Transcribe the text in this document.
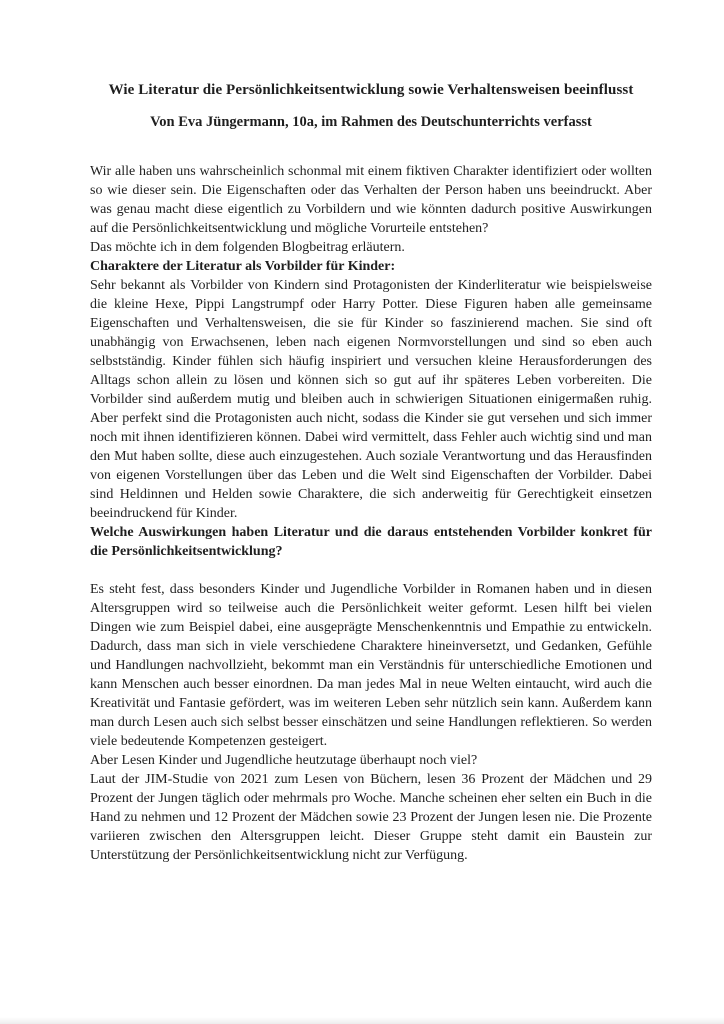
Wie Literatur die Persönlichkeitsentwicklung sowie Verhaltensweisen beeinflusst
Von Eva Jüngermann, 10a, im Rahmen des Deutschunterrichts verfasst

Wir alle haben uns wahrscheinlich schonmal mit einem fiktiven Charakter identifiziert oder wollten so wie dieser sein. Die Eigenschaften oder das Verhalten der Person haben uns beeindruckt. Aber was genau macht diese eigentlich zu Vorbildern und wie könnten dadurch positive Auswirkungen auf die Persönlichkeitsentwicklung und mögliche Vorurteile entstehen?

Das möchte ich in dem folgenden Blogbeitrag erläutern.

Charaktere der Literatur als Vorbilder für Kinder:

Sehr bekannt als Vorbilder von Kindern sind Protagonisten der Kinderliteratur wie beispielsweise die kleine Hexe, Pippi Langstrumpf oder Harry Potter. Diese Figuren haben alle gemeinsame Eigenschaften und Verhaltensweisen, die sie für Kinder so faszinierend machen. Sie sind oft unabhängig von Erwachsenen, leben nach eigenen Normvorstellungen und sind so eben auch selbstständig. Kinder fühlen sich häufig inspiriert und versuchen kleine Herausforderungen des Alltags schon allein zu lösen und können sich so gut auf ihr späteres Leben vorbereiten. Die Vorbilder sind außerdem mutig und bleiben auch in schwierigen Situationen einigermaßen ruhig. Aber perfekt sind die Protagonisten auch nicht, sodass die Kinder sie gut versehen und sich immer noch mit ihnen identifizieren können. Dabei wird vermittelt, dass Fehler auch wichtig sind und man den Mut haben sollte, diese auch einzugestehen. Auch soziale Verantwortung und das Herausfinden von eigenen Vorstellungen über das Leben und die Welt sind Eigenschaften der Vorbilder. Dabei sind Heldinnen und Helden sowie Charaktere, die sich anderweitig für Gerechtigkeit einsetzen beeindruckend für Kinder.

Welche Auswirkungen haben Literatur und die daraus entstehenden Vorbilder konkret für die Persönlichkeitsentwicklung?

Es steht fest, dass besonders Kinder und Jugendliche Vorbilder in Romanen haben und in diesen Altersgruppen wird so teilweise auch die Persönlichkeit weiter geformt. Lesen hilft bei vielen Dingen wie zum Beispiel dabei, eine ausgeprägte Menschenkenntnis und Empathie zu entwickeln. Dadurch, dass man sich in viele verschiedene Charaktere hineinversetzt, und Gedanken, Gefühle und Handlungen nachvollzieht, bekommt man ein Verständnis für unterschiedliche Emotionen und kann Menschen auch besser einordnen. Da man jedes Mal in neue Welten eintaucht, wird auch die Kreativität und Fantasie gefördert, was im weiteren Leben sehr nützlich sein kann. Außerdem kann man durch Lesen auch sich selbst besser einschätzen und seine Handlungen reflektieren. So werden viele bedeutende Kompetenzen gesteigert.

Aber Lesen Kinder und Jugendliche heutzutage überhaupt noch viel?

Laut der JIM-Studie von 2021 zum Lesen von Büchern, lesen 36 Prozent der Mädchen und 29 Prozent der Jungen täglich oder mehrmals pro Woche. Manche scheinen eher selten ein Buch in die Hand zu nehmen und 12 Prozent der Mädchen sowie 23 Prozent der Jungen lesen nie. Die Prozente variieren zwischen den Altersgruppen leicht. Dieser Gruppe steht damit ein Baustein zur Unterstützung der Persönlichkeitsentwicklung nicht zur Verfügung.
